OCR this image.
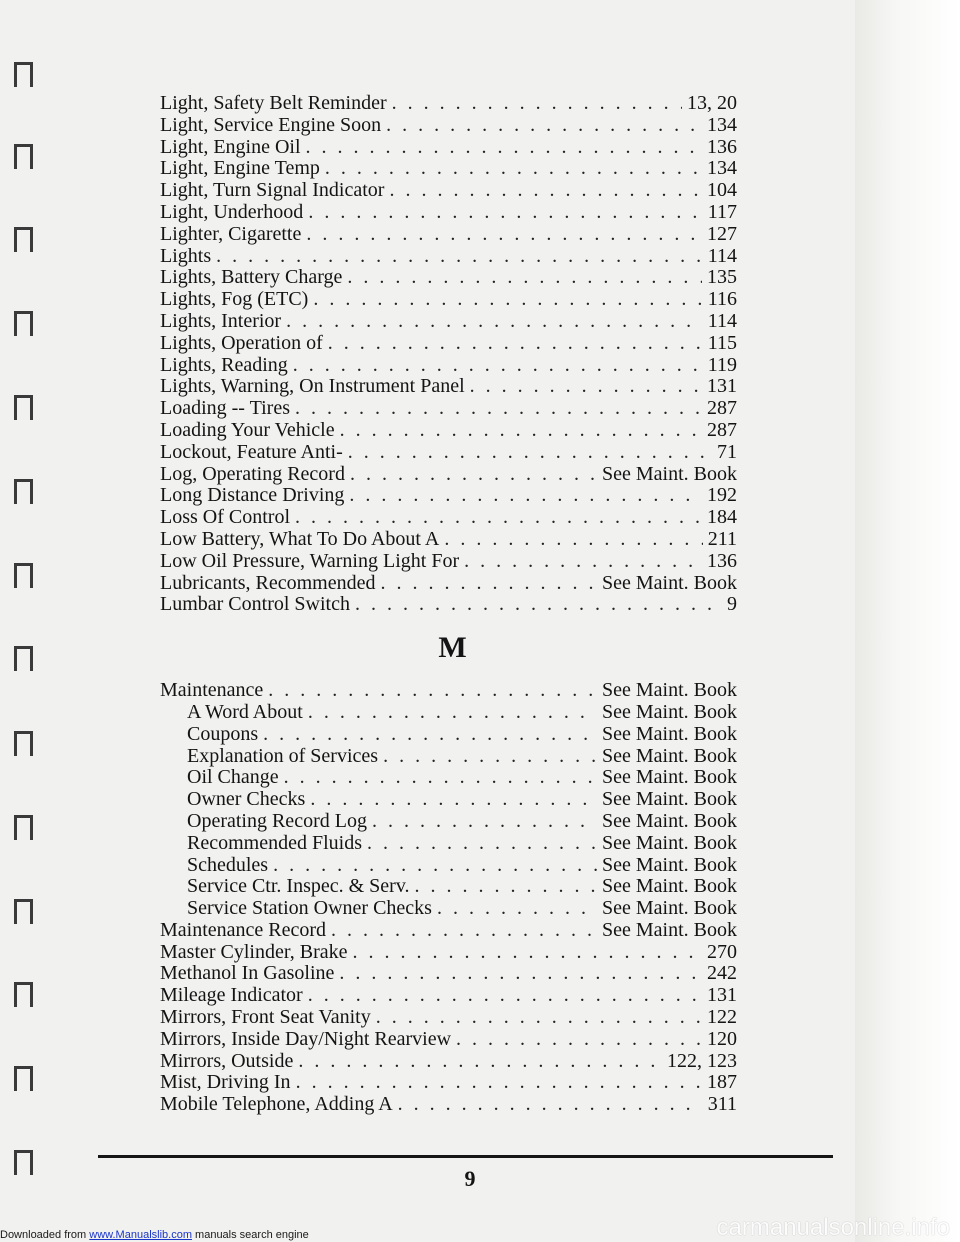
Light, Safety Belt Reminder . . .	13, 20
Light, Service Engine Soon . . .	134
Light, Engine Oil . . .	136
Light, Engine Temp . . .	134
Light, Turn Signal Indicator . . .	104
Light, Underhood . . .	117
Lighter, Cigarette . . .	127
Lights . . .	114
Lights, Battery Charge . . .	135
Lights, Fog (ETC) . . .	116
Lights, Interior . . .	114
Lights, Operation of . . .	115
Lights, Reading . . .	119
Lights, Warning, On Instrument Panel . . .	131
Loading -- Tires . . .	287
Loading Your Vehicle . . .	287
Lockout, Feature Anti- . . .	71
Log, Operating Record . . .	See Maint. Book
Long Distance Driving . . .	192
Loss Of Control . . .	184
Low Battery, What To Do About A . . .	211
Low Oil Pressure, Warning Light For . . .	136
Lubricants, Recommended . . .	See Maint. Book
Lumbar Control Switch . . .	9
M
Maintenance . . .	See Maint. Book
A Word About . . .	See Maint. Book
Coupons . . .	See Maint. Book
Explanation of Services . . .	See Maint. Book
Oil Change . . .	See Maint. Book
Owner Checks . . .	See Maint. Book
Operating Record Log . . .	See Maint. Book
Recommended Fluids . . .	See Maint. Book
Schedules . . .	See Maint. Book
Service Ctr. Inspec. & Serv. . . .	See Maint. Book
Service Station Owner Checks . . .	See Maint. Book
Maintenance Record . . .	See Maint. Book
Master Cylinder, Brake . . .	270
Methanol In Gasoline . . .	242
Mileage Indicator . . .	131
Mirrors, Front Seat Vanity . . .	122
Mirrors, Inside Day/Night Rearview . . .	120
Mirrors, Outside . . .	122, 123
Mist, Driving In . . .	187
Mobile Telephone, Adding A . . .	311
9
Downloaded from www.Manualslib.com manuals search engine	carmanualsonline.info
